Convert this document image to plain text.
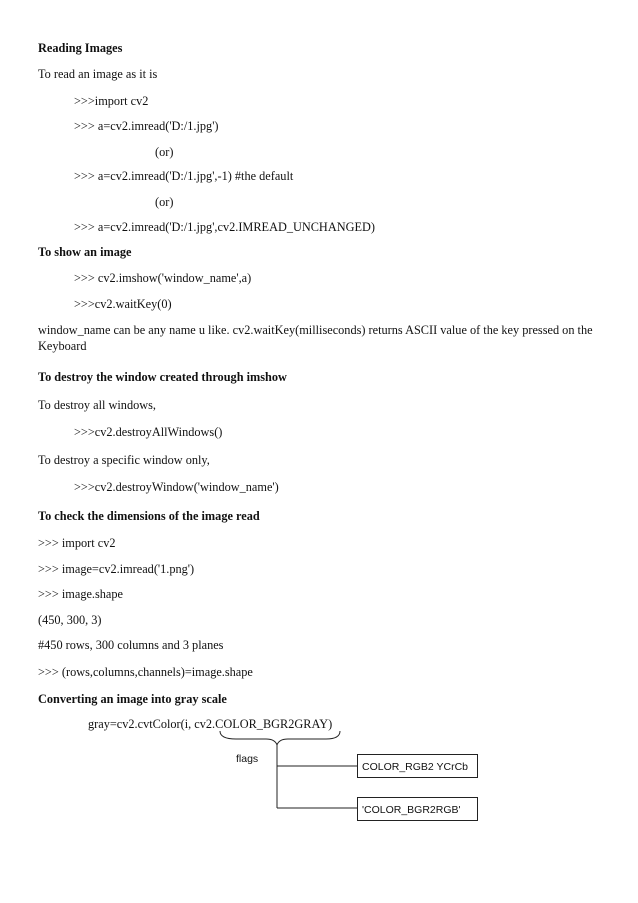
Reading Images
To read an image as it is
>>>import cv2
>>> a=cv2.imread('D:/1.jpg')
(or)
>>> a=cv2.imread('D:/1.jpg',-1) #the default
(or)
>>> a=cv2.imread('D:/1.jpg',cv2.IMREAD_UNCHANGED)
To show an image
>>> cv2.imshow('window_name',a)
>>>cv2.waitKey(0)
window_name can be any name u like. cv2.waitKey(milliseconds) returns ASCII value of the key pressed on the Keyboard
To destroy the window created through imshow
To destroy all windows,
>>>cv2.destroyAllWindows()
To destroy a specific window only,
>>>cv2.destroyWindow('window_name')
To check the dimensions of the image read
>>> import cv2
>>> image=cv2.imread('1.png')
>>> image.shape
(450, 300, 3)
#450 rows, 300 columns and 3 planes
>>> (rows,columns,channels)=image.shape
Converting an image into gray scale
gray=cv2.cvtColor(i, cv2.COLOR_BGR2GRAY)
flags
COLOR_RGB2 YCrCb
'COLOR_BGR2RGB'
